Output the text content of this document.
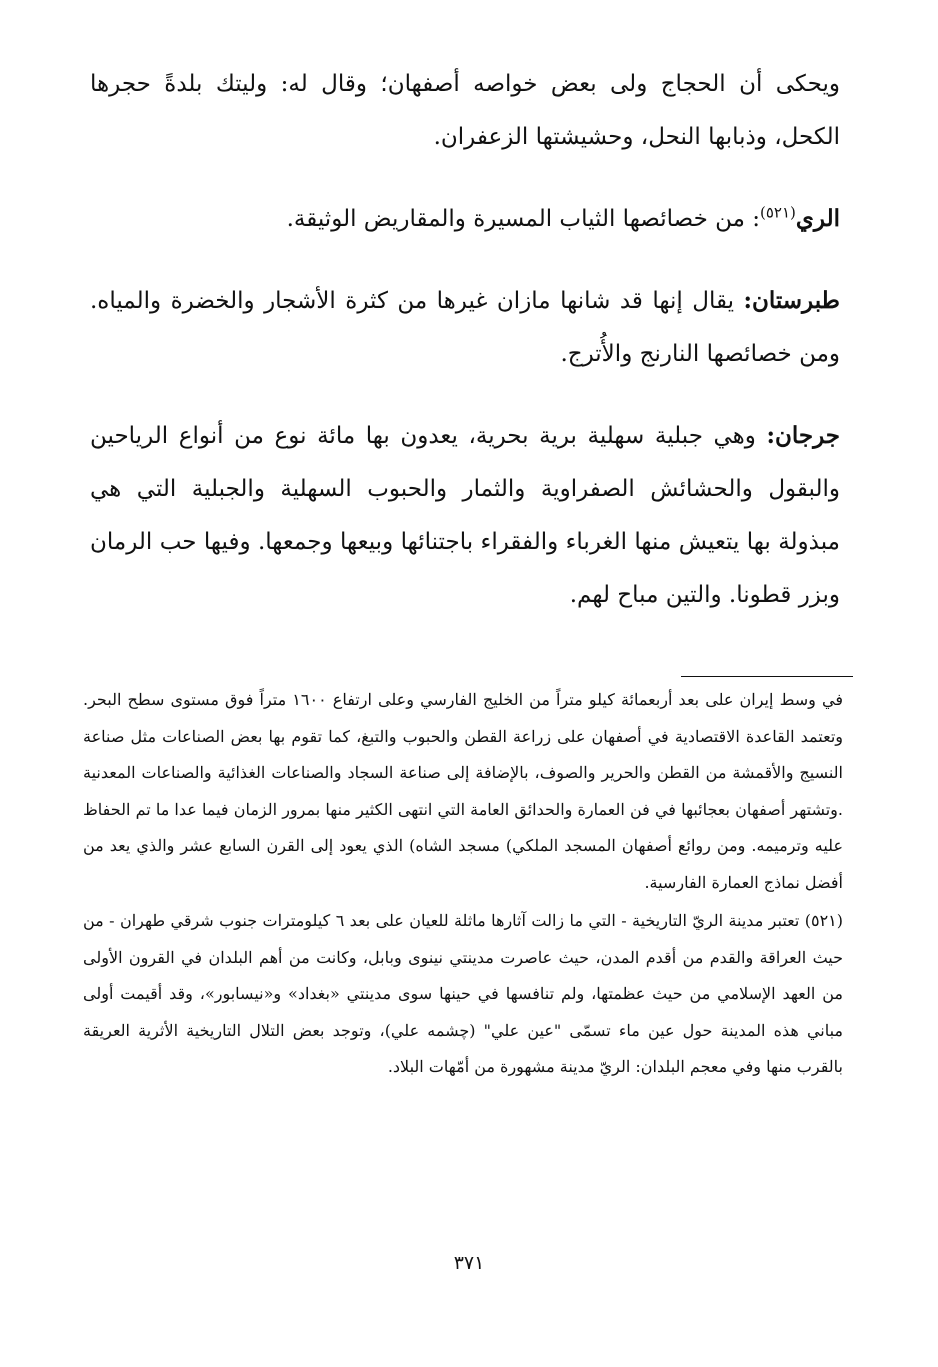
ويحكى أن الحجاج ولى بعض خواصه أصفهان؛ وقال له: وليتك بلدةً حجرها الكحل، وذبابها النحل، وحشيشتها الزعفران.

الري$^{(٥٢١)}$: من خصائصها الثياب المسيرة والمقاريض الوثيقة.

طبرستان: يقال إنها قد شانها مازان غيرها من كثرة الأشجار والخضرة والمياه. ومن خصائصها النارنج والأُترج.

جرجان: وهي جبلية سهلية برية بحرية، يعدون بها مائة نوع من أنواع الرياحين والبقول والحشائش الصفراوية والثمار والحبوب السهلية والجبلية التي هي مبذولة بها يتعيش منها الغرباء والفقراء باجتنائها وبيعها وجمعها. وفيها حب الرمان وبزر قطونا. والتين مباح لهم.

في وسط إيران على بعد أربعمائة كيلو متراً من الخليج الفارسي وعلى ارتفاع ١٦٠٠ متراً فوق مستوى سطح البحر. وتعتمد القاعدة الاقتصادية في أصفهان على زراعة القطن والحبوب والتبغ، كما تقوم بها بعض الصناعات مثل صناعة النسيج والأقمشة من القطن والحرير والصوف، بالإضافة إلى صناعة السجاد والصناعات الغذائية والصناعات المعدنية .وتشتهر أصفهان بعجائبها في فن العمارة والحدائق العامة التي انتهى الكثير منها بمرور الزمان فيما عدا ما تم الحفاظ عليه وترميمه. ومن روائع أصفهان المسجد الملكي) مسجد الشاه) الذي يعود إلى القرن السابع عشر والذي يعد من أفضل نماذج العمارة الفارسية.

(٥٢١) تعتبر مدينة الريّ التاريخية - التي ما زالت آثارها ماثلة للعيان على بعد ٦ كيلومترات جنوب شرقي طهران - من حيث العراقة والقدم من أقدم المدن، حيث عاصرت مدينتي نينوى وبابل، وكانت من أهم البلدان في القرون الأولى من العهد الإسلامي من حيث عظمتها، ولم تنافسها في حينها سوى مدينتي «بغداد» و«نيسابور»، وقد أقيمت أولى مباني هذه المدينة حول عين ماء تسمّى "عين علي" (چشمه علي)، وتوجد بعض التلال التاريخية الأثرية العريقة بالقرب منها وفي معجم البلدان: الريّ مدينة مشهورة من أمّهات البلاد.

٣٧١
